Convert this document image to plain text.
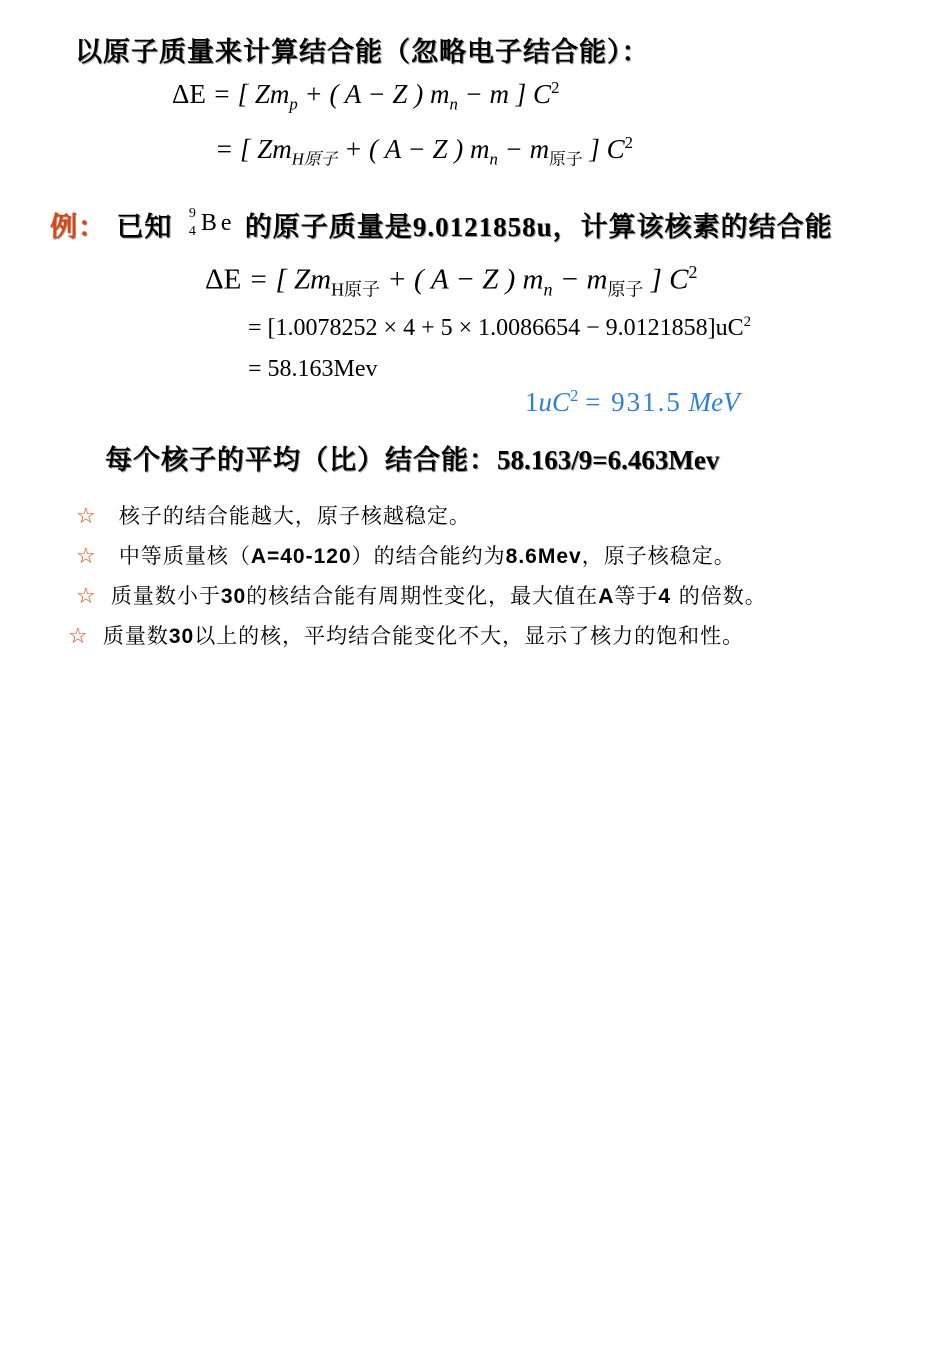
以原子质量来计算结合能（忽略电子结合能）：
ΔE = [ $Zm_p$ + ( A − Z ) $m_n - m$ ] $C^2$
= [ $Zm_{H原子}$ + ( A − Z ) $m_n - m_{原子}$ ] $C^2$
例： 已知 9
4 Be 的原子质量是9.0121858u，计算该核素的结合能
ΔE = [ $Zm_{H原子}$ + ( A − Z ) $m_n - m_{原子}$ ] $C^2$
= $[1.0078252 \times 4 + 5 \times 1.0086654 - 9.0121858]uC^2$
= 58.163Mev
$1uC^2 = 931.5$ MeV
每个核子的平均（比）结合能：58.163/9=6.463Mev
☆ 核子的结合能越大，原子核越稳定。
☆ 中等质量核（A=40-120）的结合能约为8.6Mev，原子核稳定。
☆ 质量数小于30的核结合能有周期性变化，最大值在A等于4 的倍数。
☆ 质量数30以上的核，平均结合能变化不大，显示了核力的饱和性。
